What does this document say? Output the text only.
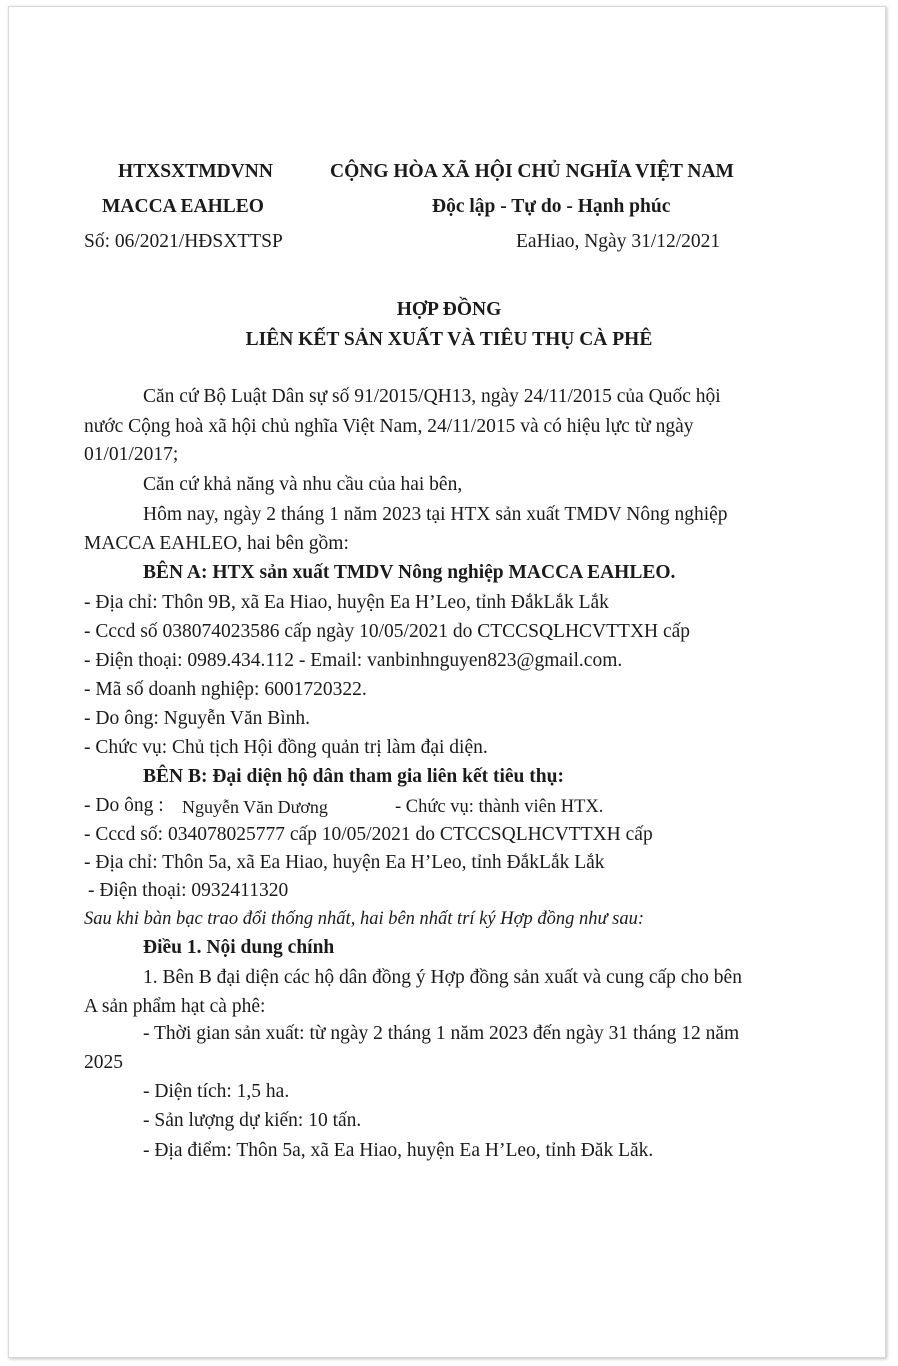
HTXSXTMDVNN
MACCA EAHLEO
Số: 06/2021/HĐSXTTSP
CỘNG HÒA XÃ HỘI CHỦ NGHĨA VIỆT NAM
Độc lập - Tự do - Hạnh phúc
EaHiao, Ngày 31/12/2021
HỢP ĐỒNG
LIÊN KẾT SẢN XUẤT VÀ TIÊU THỤ CÀ PHÊ
Căn cứ Bộ Luật Dân sự số 91/2015/QH13, ngày 24/11/2015 của Quốc hội
nước Cộng hoà xã hội chủ nghĩa Việt Nam, 24/11/2015 và có hiệu lực từ ngày
01/01/2017;
Căn cứ khả năng và nhu cầu của hai bên,
Hôm nay, ngày 2 tháng 1 năm 2023 tại HTX sản xuất TMDV Nông nghiệp
MACCA EAHLEO, hai bên gồm:
BÊN A: HTX sản xuất TMDV Nông nghiệp MACCA EAHLEO.
- Địa chỉ: Thôn 9B, xã Ea Hiao, huyện Ea H’Leo, tỉnh ĐắkLắk Lắk
- Cccd số 038074023586 cấp ngày 10/05/2021 do CTCCSQLHCVTTXH cấp
- Điện thoại: 0989.434.112 - Email: vanbinhnguyen823@gmail.com.
- Mã số doanh nghiệp: 6001720322.
- Do ông: Nguyễn Văn Bình.
- Chức vụ: Chủ tịch Hội đồng quản trị làm đại diện.
BÊN B: Đại diện hộ dân tham gia liên kết tiêu thụ:
- Do ông : Nguyễn Văn Dương	- Chức vụ: thành viên HTX.
- Cccd số: 034078025777 cấp 10/05/2021 do CTCCSQLHCVTTXH cấp
- Địa chỉ: Thôn 5a, xã Ea Hiao, huyện Ea H’Leo, tỉnh ĐắkLắk Lắk
- Điện thoại: 0932411320
Sau khi bàn bạc trao đổi thống nhất, hai bên nhất trí ký Hợp đồng như sau:
Điều 1. Nội dung chính
1. Bên B đại diện các hộ dân đồng ý Hợp đồng sản xuất và cung cấp cho bên
A sản phẩm hạt cà phê:
- Thời gian sản xuất: từ ngày 2 tháng 1 năm 2023 đến ngày 31 tháng 12 năm
2025
- Diện tích: 1,5 ha.
- Sản lượng dự kiến: 10 tấn.
- Địa điểm: Thôn 5a, xã Ea Hiao, huyện Ea H’Leo, tỉnh Đăk Lăk.
